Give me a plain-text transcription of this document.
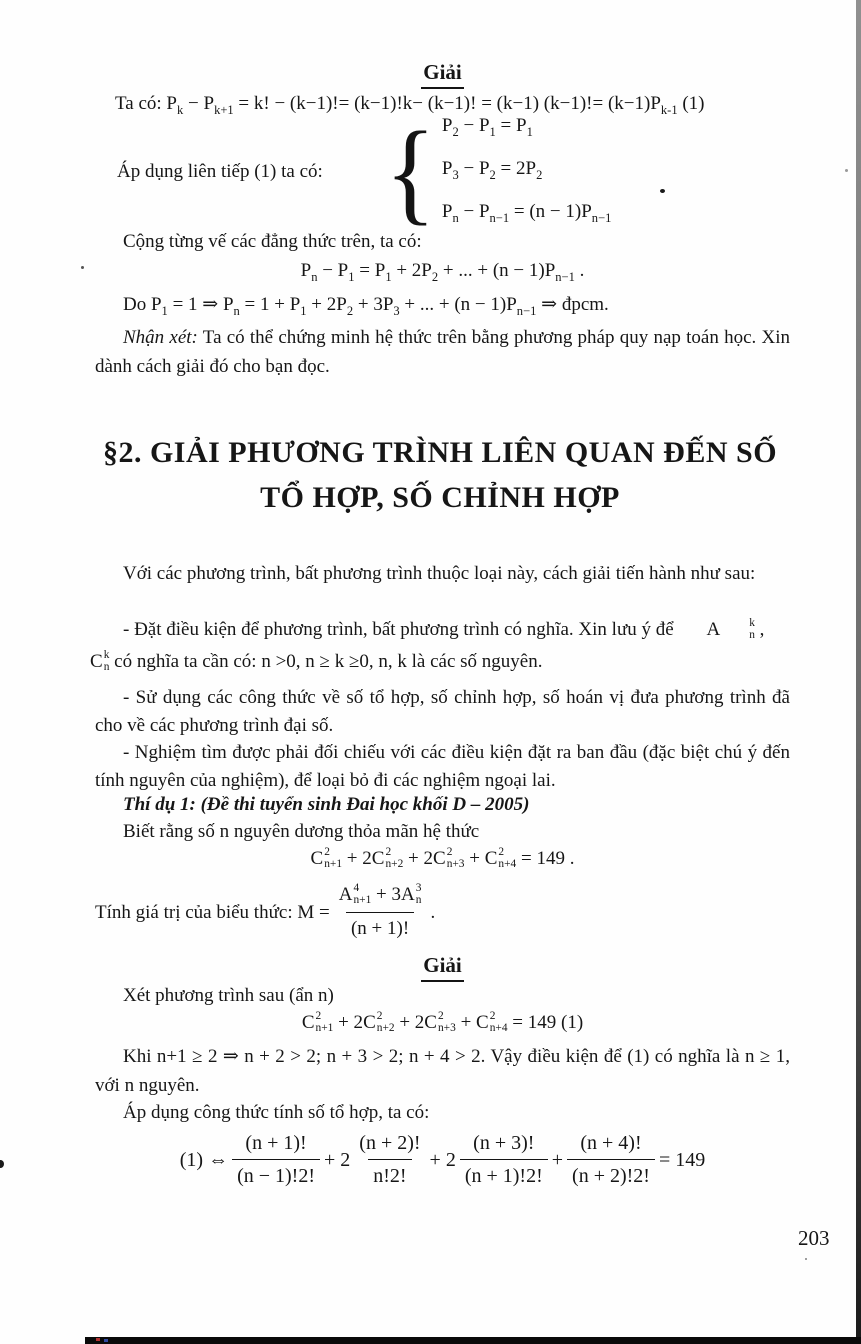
Giải
Ta có: $P_k - P_{k+1} = k$! − (k−1)!= (k−1)!k− (k−1)! = (k−1) $(k-1)!= (k-1)P_{k-1}$ (1)
Áp dụng liên tiếp (1) ta có: { $P_2 - P_1 = P_1$
$P_3 - P_2 = 2P_2$
$P_n - P_{n-1} = (n - 1)P_{n-1}$
Cộng từng vế các đẳng thức trên, ta có:
$P_n - P_1 = P_1 + 2P_2$ + ... + $(n - 1)P_{n-1}$ .
Do $P_1 = 1$ ⇒ $P_n = 1 + P_1 + 2P_2 + 3P_3$ + ... + $(n - 1)P_{n-1}$ ⇒ đpcm.
Nhận xét: Ta có thể chứng minh hệ thức trên bằng phương pháp quy nạp toán học. Xin dành cách giải đó cho bạn đọc.
§2. GIẢI PHƯƠNG TRÌNH LIÊN QUAN ĐẾN SỐ
TỔ HỢP, SỐ CHỈNH HỢP
Với các phương trình, bất phương trình thuộc loại này, cách giải tiến hành như sau:
- Đặt điều kiện để phương trình, bất phương trình có nghĩa. Xin lưu ý để	A	k
n ,
C k
n có nghĩa ta cần có: n >0, n ≥ k ≥0, n, k là các số nguyên.
- Sử dụng các công thức về số tổ hợp, số chỉnh hợp, số hoán vị đưa phương trình đã cho về các phương trình đại số.
- Nghiệm tìm được phải đối chiếu với các điều kiện đặt ra ban đầu (đặc biệt chú ý đến tính nguyên của nghiệm), để loại bỏ đi các nghiệm ngoại lai.
Thí dụ 1: (Đề thi tuyển sinh Đai học khối D – 2005)
Biết rằng số n nguyên dương thỏa mãn hệ thức
C 2
n+1 + 2 C 2
n+2 + 2 C 2
n+3 + C 2
n+4 = 149 .
Tính giá trị của biểu thức: M = A 4
n+1 + 3 A 3
n
(n + 1)! .
Giải
Xét phương trình sau (ẩn n)
C 2
n+1 + 2 C 2
n+2 + 2 C 2
n+3 + C 2
n+4 = 149 (1)
Khi n+1 ≥ 2 ⇒ n + 2 > 2; n + 3 > 2; n + 4 > 2. Vậy điều kiện để (1) có nghĩa là n ≥ 1, với n nguyên.
Áp dụng công thức tính số tổ hợp, ta có:
(1) ⇔ $\frac{(n + 1)!}{(n - 1)!2!} + 2 \frac{(n + 2)!}{n!2!} + 2 \frac{(n + 3)!}{(n + 1)!2!} + \frac{(n + 4)!}{(n + 2)!2!} = 149$
203
